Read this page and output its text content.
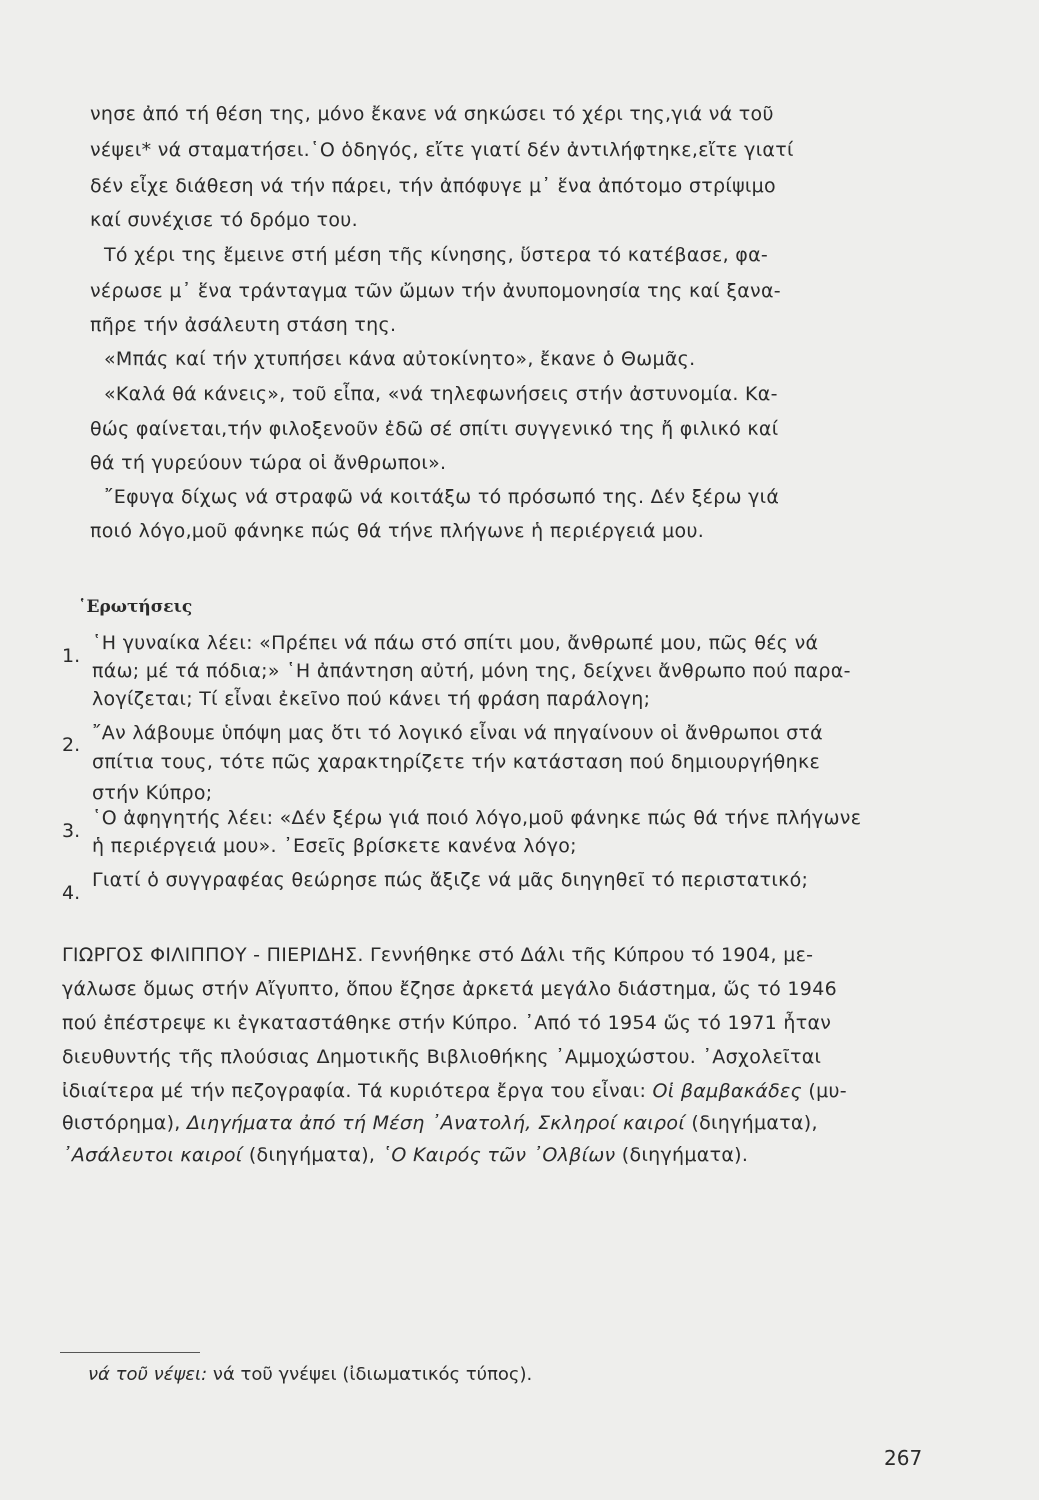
νησε ἀπό τή θέση της, μόνο ἔκανε νά σηκώσει τό χέρι της,γιά νά τοῦ
νέψει* νά σταματήσει.῾Ο ὁδηγός, εἴτε γιατί δέν ἀντιλήφτηκε,εἴτε γιατί
δέν εἶχε διάθεση νά τήν πάρει, τήν ἀπόφυγε μ᾿ ἕνα ἀπότομο στρίψιμο
καί συνέχισε τό δρόμο του.
Τό χέρι της ἔμεινε στή μέση τῆς κίνησης, ὕστερα τό κατέβασε, φα-
νέρωσε μ᾿ ἕνα τράνταγμα τῶν ὤμων τήν ἀνυπομονησία της καί ξανα-
πῆρε τήν ἀσάλευτη στάση της.
«Μπάς καί τήν χτυπήσει κάνα αὐτοκίνητο», ἔκανε ὁ Θωμᾶς.
«Καλά θά κάνεις», τοῦ εἶπα, «νά τηλεφωνήσεις στήν ἀστυνομία. Κα-
θώς φαίνεται,τήν φιλοξενοῦν ἐδῶ σέ σπίτι συγγενικό της ἤ φιλικό καί
θά τή γυρεύουν τώρα οἱ ἄνθρωποι».
῎Εφυγα δίχως νά στραφῶ νά κοιτάξω τό πρόσωπό της. Δέν ξέρω γιά
ποιό λόγο,μοῦ φάνηκε πώς θά τήνε πλήγωνε ἡ περιέργειά μου.
῾Ερωτήσεις
1.
῾Η γυναίκα λέει: «Πρέπει νά πάω στό σπίτι μου, ἄνθρωπέ μου, πῶς θές νά
πάω; μέ τά πόδια;» ῾Η ἀπάντηση αὐτή, μόνη της, δείχνει ἄνθρωπο πού παρα-
λογίζεται; Τί εἶναι ἐκεῖνο πού κάνει τή φράση παράλογη;
2.
῎Αν λάβουμε ὑπόψη μας ὅτι τό λογικό εἶναι νά πηγαίνουν οἱ ἄνθρωποι στά
σπίτια τους, τότε πῶς χαρακτηρίζετε τήν κατάσταση πού δημιουργήθηκε
στήν Κύπρο;
3.
῾Ο ἀφηγητής λέει: «Δέν ξέρω γιά ποιό λόγο,μοῦ φάνηκε πώς θά τήνε πλήγωνε
ἡ περιέργειά μου». ᾿Εσεῖς βρίσκετε κανένα λόγο;
4.
Γιατί ὁ συγγραφέας θεώρησε πώς ἄξιζε νά μᾶς διηγηθεῖ τό περιστατικό;
ΓΙΩΡΓΟΣ ΦΙΛΙΠΠΟΥ - ΠΙΕΡΙΔΗΣ. Γεννήθηκε στό Δάλι τῆς Κύπρου τό 1904, με-
γάλωσε ὅμως στήν Αἴγυπτο, ὅπου ἔζησε ἀρκετά μεγάλο διάστημα, ὥς τό 1946
πού ἐπέστρεψε κι ἐγκαταστάθηκε στήν Κύπρο. ᾿Από τό 1954 ὥς τό 1971 ἦταν
διευθυντής τῆς πλούσιας Δημοτικῆς Βιβλιοθήκης ᾿Αμμοχώστου. ᾿Ασχολεῖται
ἰδιαίτερα μέ τήν πεζογραφία. Τά κυριότερα ἔργα του εἶναι: Οἱ βαμβακάδες (μυ-
θιστόρημα), Διηγήματα ἀπό τή Μέση ᾿Ανατολή, Σκληροί καιροί (διηγήματα),
᾿Ασάλευτοι καιροί (διηγήματα), ῾Ο Καιρός τῶν ᾿Ολβίων (διηγήματα).
νά τοῦ νέψει: νά τοῦ γνέψει (ἰδιωματικός τύπος).
267
